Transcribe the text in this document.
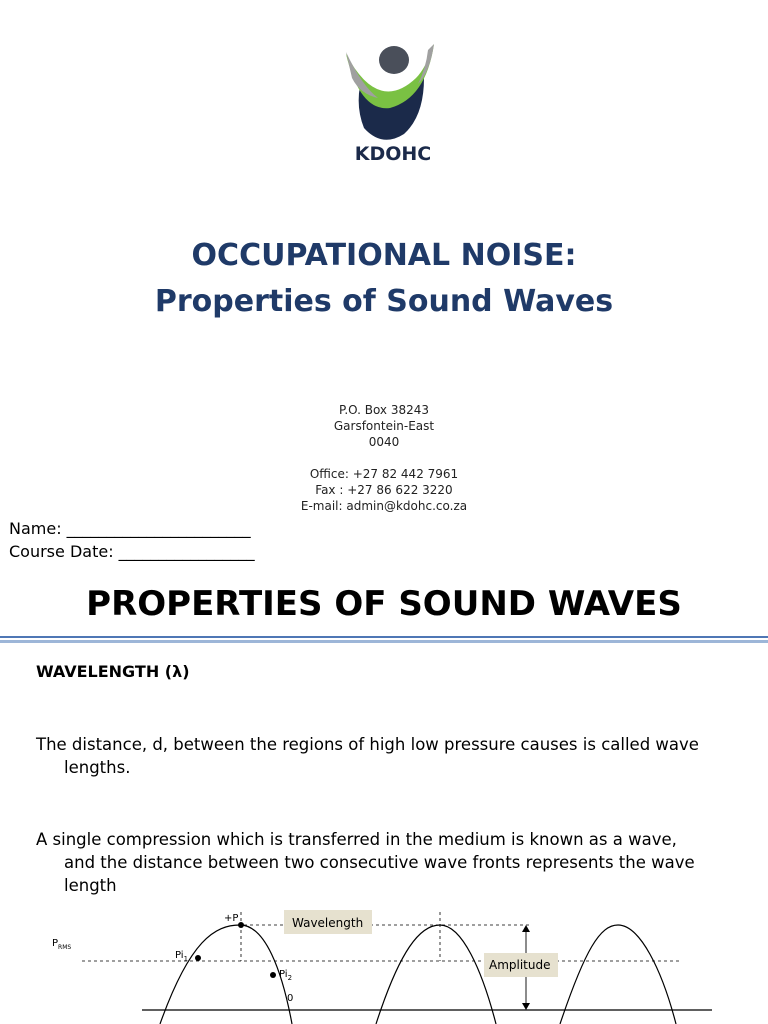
KDOHC
OCCUPATIONAL NOISE:
Properties of Sound Waves
P.O. Box 38243
Garsfontein-East
0040
Office: +27 82 442 7961
Fax : +27 86 622 3220
E-mail: admin@kdohc.co.za
Name: _______________________
Course Date: _________________
PROPERTIES OF SOUND WAVES
WAVELENGTH (λ)
The distance, d, between the regions of high low pressure causes is called wave
lengths.
A single compression which is transferred in the medium is known as a wave,
and the distance between two consecutive wave fronts represents the wave
length
+P
$P_{RMS}$
$Pi_1$
$Pi_2$
0
Wavelength
Amplitude
